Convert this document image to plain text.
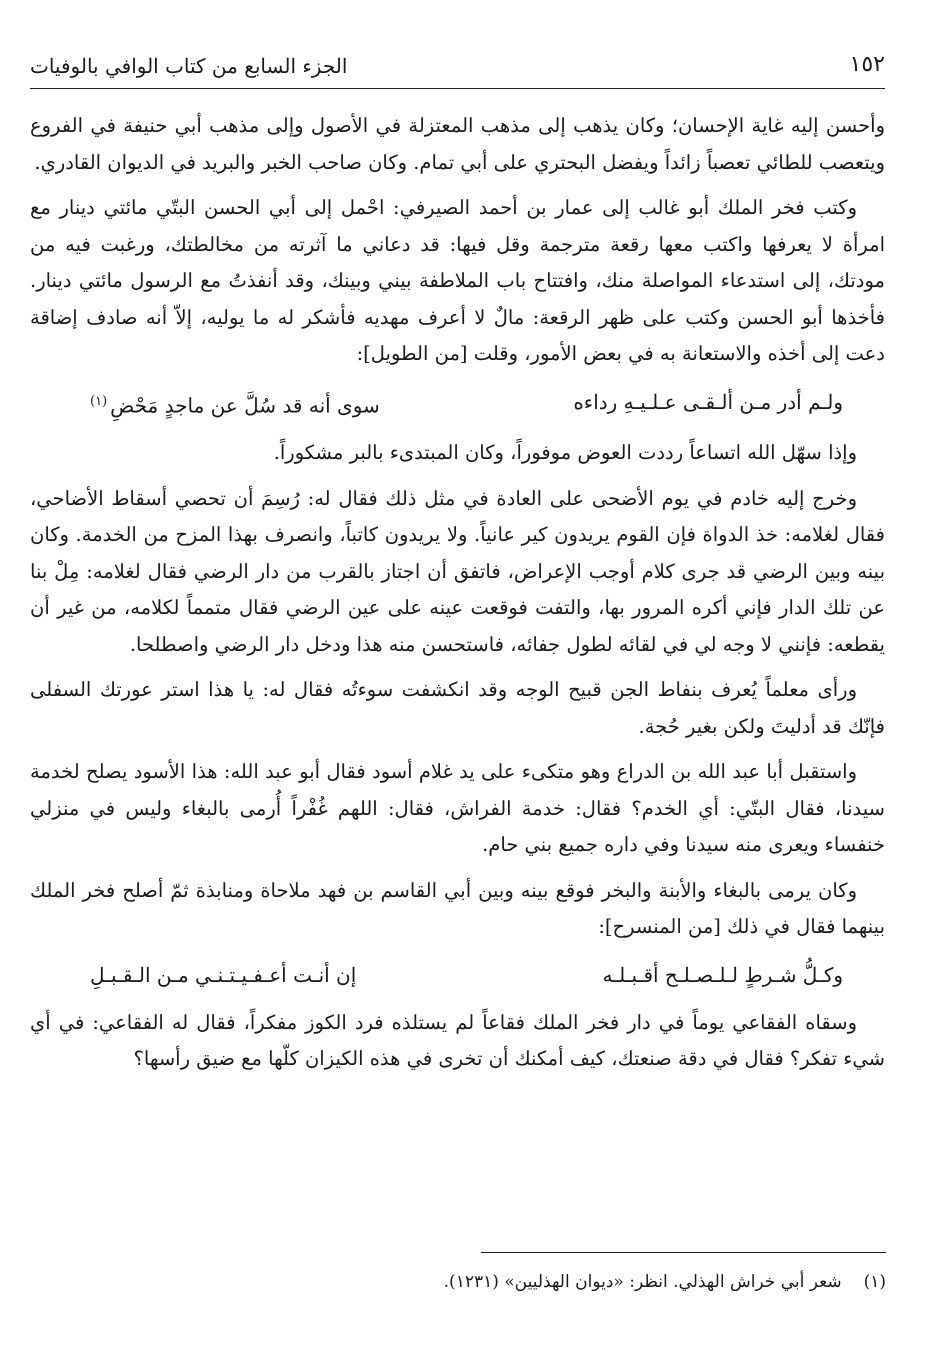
١٥٢
الجزء السابع من كتاب الوافي بالوفيات

وأحسن إليه غاية الإحسان؛ وكان يذهب إلى مذهب المعتزلة في الأصول وإلى مذهب أبي حنيفة في الفروع ويتعصب للطائي تعصباً زائداً ويفضل البحتري على أبي تمام. وكان صاحب الخبر والبريد في الديوان القادري.

وكتب فخر الملك أبو غالب إلى عمار بن أحمد الصيرفي: احْمل إلى أبي الحسن البتّي مائتي دينار مع امرأة لا يعرفها واكتب معها رقعة مترجمة وقل فيها: قد دعاني ما آثرته من مخالطتك، ورغبت فيه من مودتك، إلى استدعاء المواصلة منك، وافتتاح باب الملاطفة بيني وبينك، وقد أنفذتُ مع الرسول مائتي دينار. فأخذها أبو الحسن وكتب على ظهر الرقعة: مالٌ لا أعرف مهديه فأشكر له ما يوليه، إلاّ أنه صادف إضاقة دعت إلى أخذه والاستعانة به في بعض الأمور، وقلت [من الطويل]:

ولـم أدر مـن ألـقـى عـلـيـهِ رداءه
سوى أنه قد سُلَّ عن ماجدٍ مَحْضِ$^{(١)}$

وإذا سهّل الله اتساعاً رددت العوض موفوراً، وكان المبتدىء بالبر مشكوراً.

وخرج إليه خادم في يوم الأضحى على العادة في مثل ذلك فقال له: رُسِمَ أن تحصي أسقاط الأضاحي، فقال لغلامه: خذ الدواة فإن القوم يريدون كير عانياً. ولا يريدون كاتباً، وانصرف بهذا المزح من الخدمة. وكان بينه وبين الرضي قد جرى كلام أوجب الإعراض، فاتفق أن اجتاز بالقرب من دار الرضي فقال لغلامه: مِلْ بنا عن تلك الدار فإني أكره المرور بها، والتفت فوقعت عينه على عين الرضي فقال متمماً لكلامه، من غير أن يقطعه: فإنني لا وجه لي في لقائه لطول جفائه، فاستحسن منه هذا ودخل دار الرضي واصطلحا.

ورأى معلماً يُعرف بنفاط الجن قبيح الوجه وقد انكشفت سوءتُه فقال له: يا هذا استر عورتك السفلى فإنّك قد أدليتَ ولكن بغير حُجة.

واستقبل أبا عبد الله بن الدراع وهو متكىء على يد غلام أسود فقال أبو عبد الله: هذا الأسود يصلح لخدمة سيدنا، فقال البتّي: أي الخدم؟ فقال: خدمة الفراش، فقال: اللهم غُفْراً أُرمى بالبغاء وليس في منزلي خنفساء ويعرى منه سيدنا وفي داره جميع بني حام.

وكان يرمى بالبغاء والأبنة والبخر فوقع بينه وبين أبي القاسم بن فهد ملاحاة ومنابذة ثمّ أصلح فخر الملك بينهما فقال في ذلك [من المنسرح]:

وكـلُّ شـرطٍ لـلـصـلـح أقـبـلـه
إن أنـت أعـفـيـتـنـي مـن الـقـبـلِ

وسقاه الفقاعي يوماً في دار فخر الملك فقاعاً لم يستلذه فرد الكوز مفكراً، فقال له الفقاعي: في أي شيء تفكر؟ فقال في دقة صنعتك، كيف أمكنك أن تخرى في هذه الكيزان كلّها مع ضيق رأسها؟

(١)شعر أبي خراش الهذلي. انظر: «ديوان الهذليين» (١٢٣١).
